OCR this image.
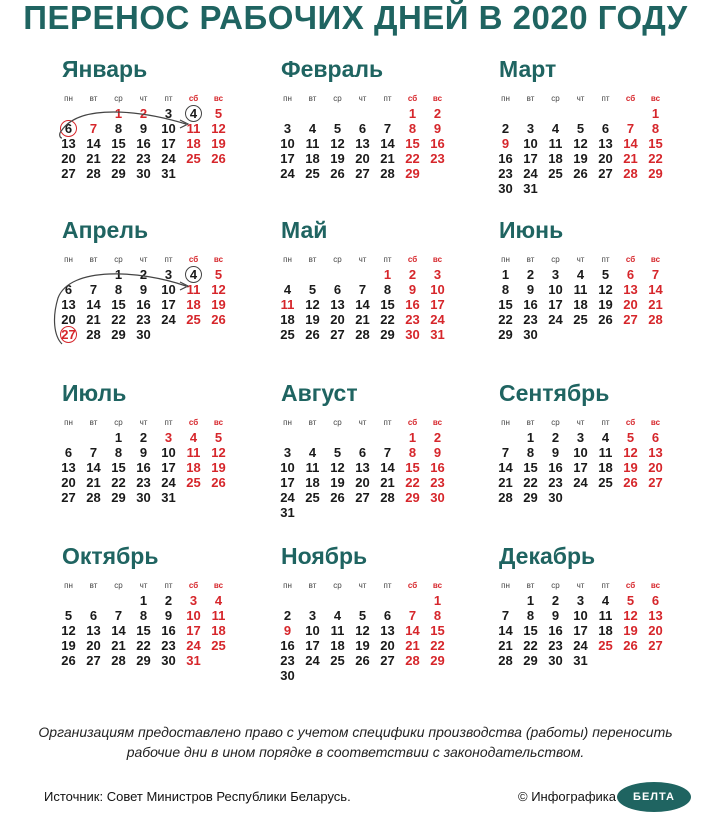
ПЕРЕНОС РАБОЧИХ ДНЕЙ В 2020 ГОДУ
Январь
пн	вт	ср	чт	пт	сб	вс
		1	2	3	4	5
6	7	8	9	10	11	12
13	14	15	16	17	18	19
20	21	22	23	24	25	26
27	28	29	30	31		
Февраль
пн	вт	ср	чт	пт	сб	вс
					1	2
3	4	5	6	7	8	9
10	11	12	13	14	15	16
17	18	19	20	21	22	23
24	25	26	27	28	29	
Март
пн	вт	ср	чт	пт	сб	вс
						1
2	3	4	5	6	7	8
9	10	11	12	13	14	15
16	17	18	19	20	21	22
23	24	25	26	27	28	29
30	31					
Апрель
пн	вт	ср	чт	пт	сб	вс
		1	2	3	4	5
6	7	8	9	10	11	12
13	14	15	16	17	18	19
20	21	22	23	24	25	26
27	28	29	30			
Май
пн	вт	ср	чт	пт	сб	вс
				1	2	3
4	5	6	7	8	9	10
11	12	13	14	15	16	17
18	19	20	21	22	23	24
25	26	27	28	29	30	31
Июнь
пн	вт	ср	чт	пт	сб	вс
1	2	3	4	5	6	7
8	9	10	11	12	13	14
15	16	17	18	19	20	21
22	23	24	25	26	27	28
29	30					
Июль
пн	вт	ср	чт	пт	сб	вс
		1	2	3	4	5
6	7	8	9	10	11	12
13	14	15	16	17	18	19
20	21	22	23	24	25	26
27	28	29	30	31		
Август
пн	вт	ср	чт	пт	сб	вс
					1	2
3	4	5	6	7	8	9
10	11	12	13	14	15	16
17	18	19	20	21	22	23
24	25	26	27	28	29	30
31						
Сентябрь
пн	вт	ср	чт	пт	сб	вс
	1	2	3	4	5	6
7	8	9	10	11	12	13
14	15	16	17	18	19	20
21	22	23	24	25	26	27
28	29	30				
Октябрь
пн	вт	ср	чт	пт	сб	вс
			1	2	3	4
5	6	7	8	9	10	11
12	13	14	15	16	17	18
19	20	21	22	23	24	25
26	27	28	29	30	31	
Ноябрь
пн	вт	ср	чт	пт	сб	вс
						1
2	3	4	5	6	7	8
9	10	11	12	13	14	15
16	17	18	19	20	21	22
23	24	25	26	27	28	29
30						
Декабрь
пн	вт	ср	чт	пт	сб	вс
	1	2	3	4	5	6
7	8	9	10	11	12	13
14	15	16	17	18	19	20
21	22	23	24	25	26	27
28	29	30	31			
Организациям предоставлено право с учетом специфики производства (работы) переносить рабочие дни в ином порядке в соответствии с законодательством.
Источник: Совет Министров Республики Беларусь.	© Инфографика	БЕЛТА
